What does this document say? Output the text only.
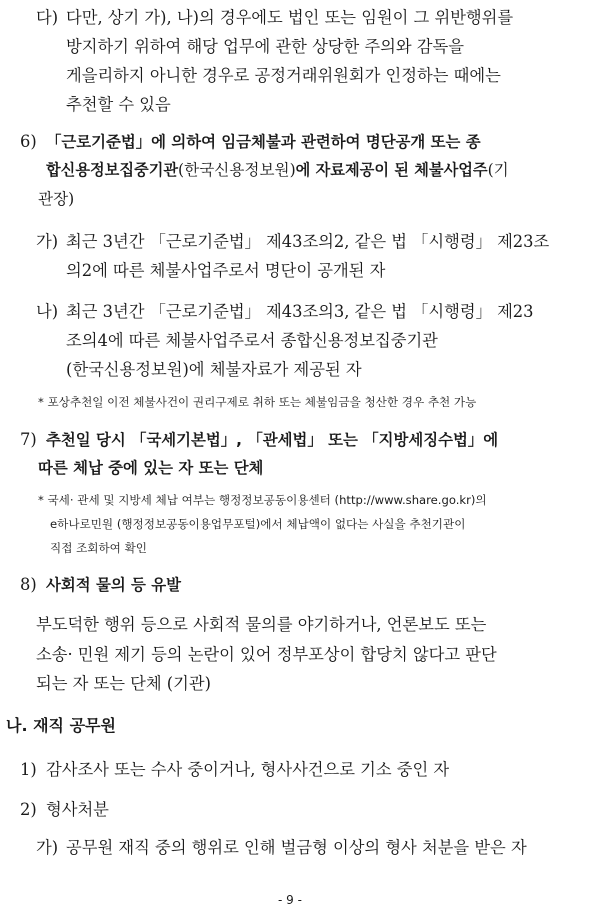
다) 다만, 상기 가), 나)의 경우에도 법인 또는 임원이 그 위반행위를
방지하기 위하여 해당 업무에 관한 상당한 주의와 감독을
게을리하지 아니한 경우로 공정거래위원회가 인정하는 때에는
추천할 수 있음
6) 「근로기준법」에 의하여 임금체불과 관련하여 명단공개 또는 종
합신용정보집중기관(한국신용정보원)에 자료제공이 된 체불사업주(기
관장)
가) 최근 3년간 「근로기준법」 제43조의2, 같은 법 「시행령」 제23조
의2에 따른 체불사업주로서 명단이 공개된 자
나) 최근 3년간 「근로기준법」 제43조의3, 같은 법 「시행령」 제23
조의4에 따른 체불사업주로서 종합신용정보집중기관
(한국신용정보원)에 체불자료가 제공된 자
* 포상추천일 이전 체불사건이 권리구제로 취하 또는 체불임금을 청산한 경우 추천 가능
7) 추천일 당시 「국세기본법」, 「관세법」 또는 「지방세징수법」에
따른 체납 중에 있는 자 또는 단체
* 국세· 관세 및 지방세 체납 여부는 행정정보공동이용센터 (http://www.share.go.kr)의
e하나로민원 (행정정보공동이용업무포털)에서 체납액이 없다는 사실을 추천기관이
직접 조회하여 확인
8) 사회적 물의 등 유발
부도덕한 행위 등으로 사회적 물의를 야기하거나, 언론보도 또는
소송· 민원 제기 등의 논란이 있어 정부포상이 합당치 않다고 판단
되는 자 또는 단체 (기관)
나. 재직 공무원
1) 감사조사 또는 수사 중이거나, 형사사건으로 기소 중인 자
2) 형사처분
가) 공무원 재직 중의 행위로 인해 벌금형 이상의 형사 처분을 받은 자
- 9 -
